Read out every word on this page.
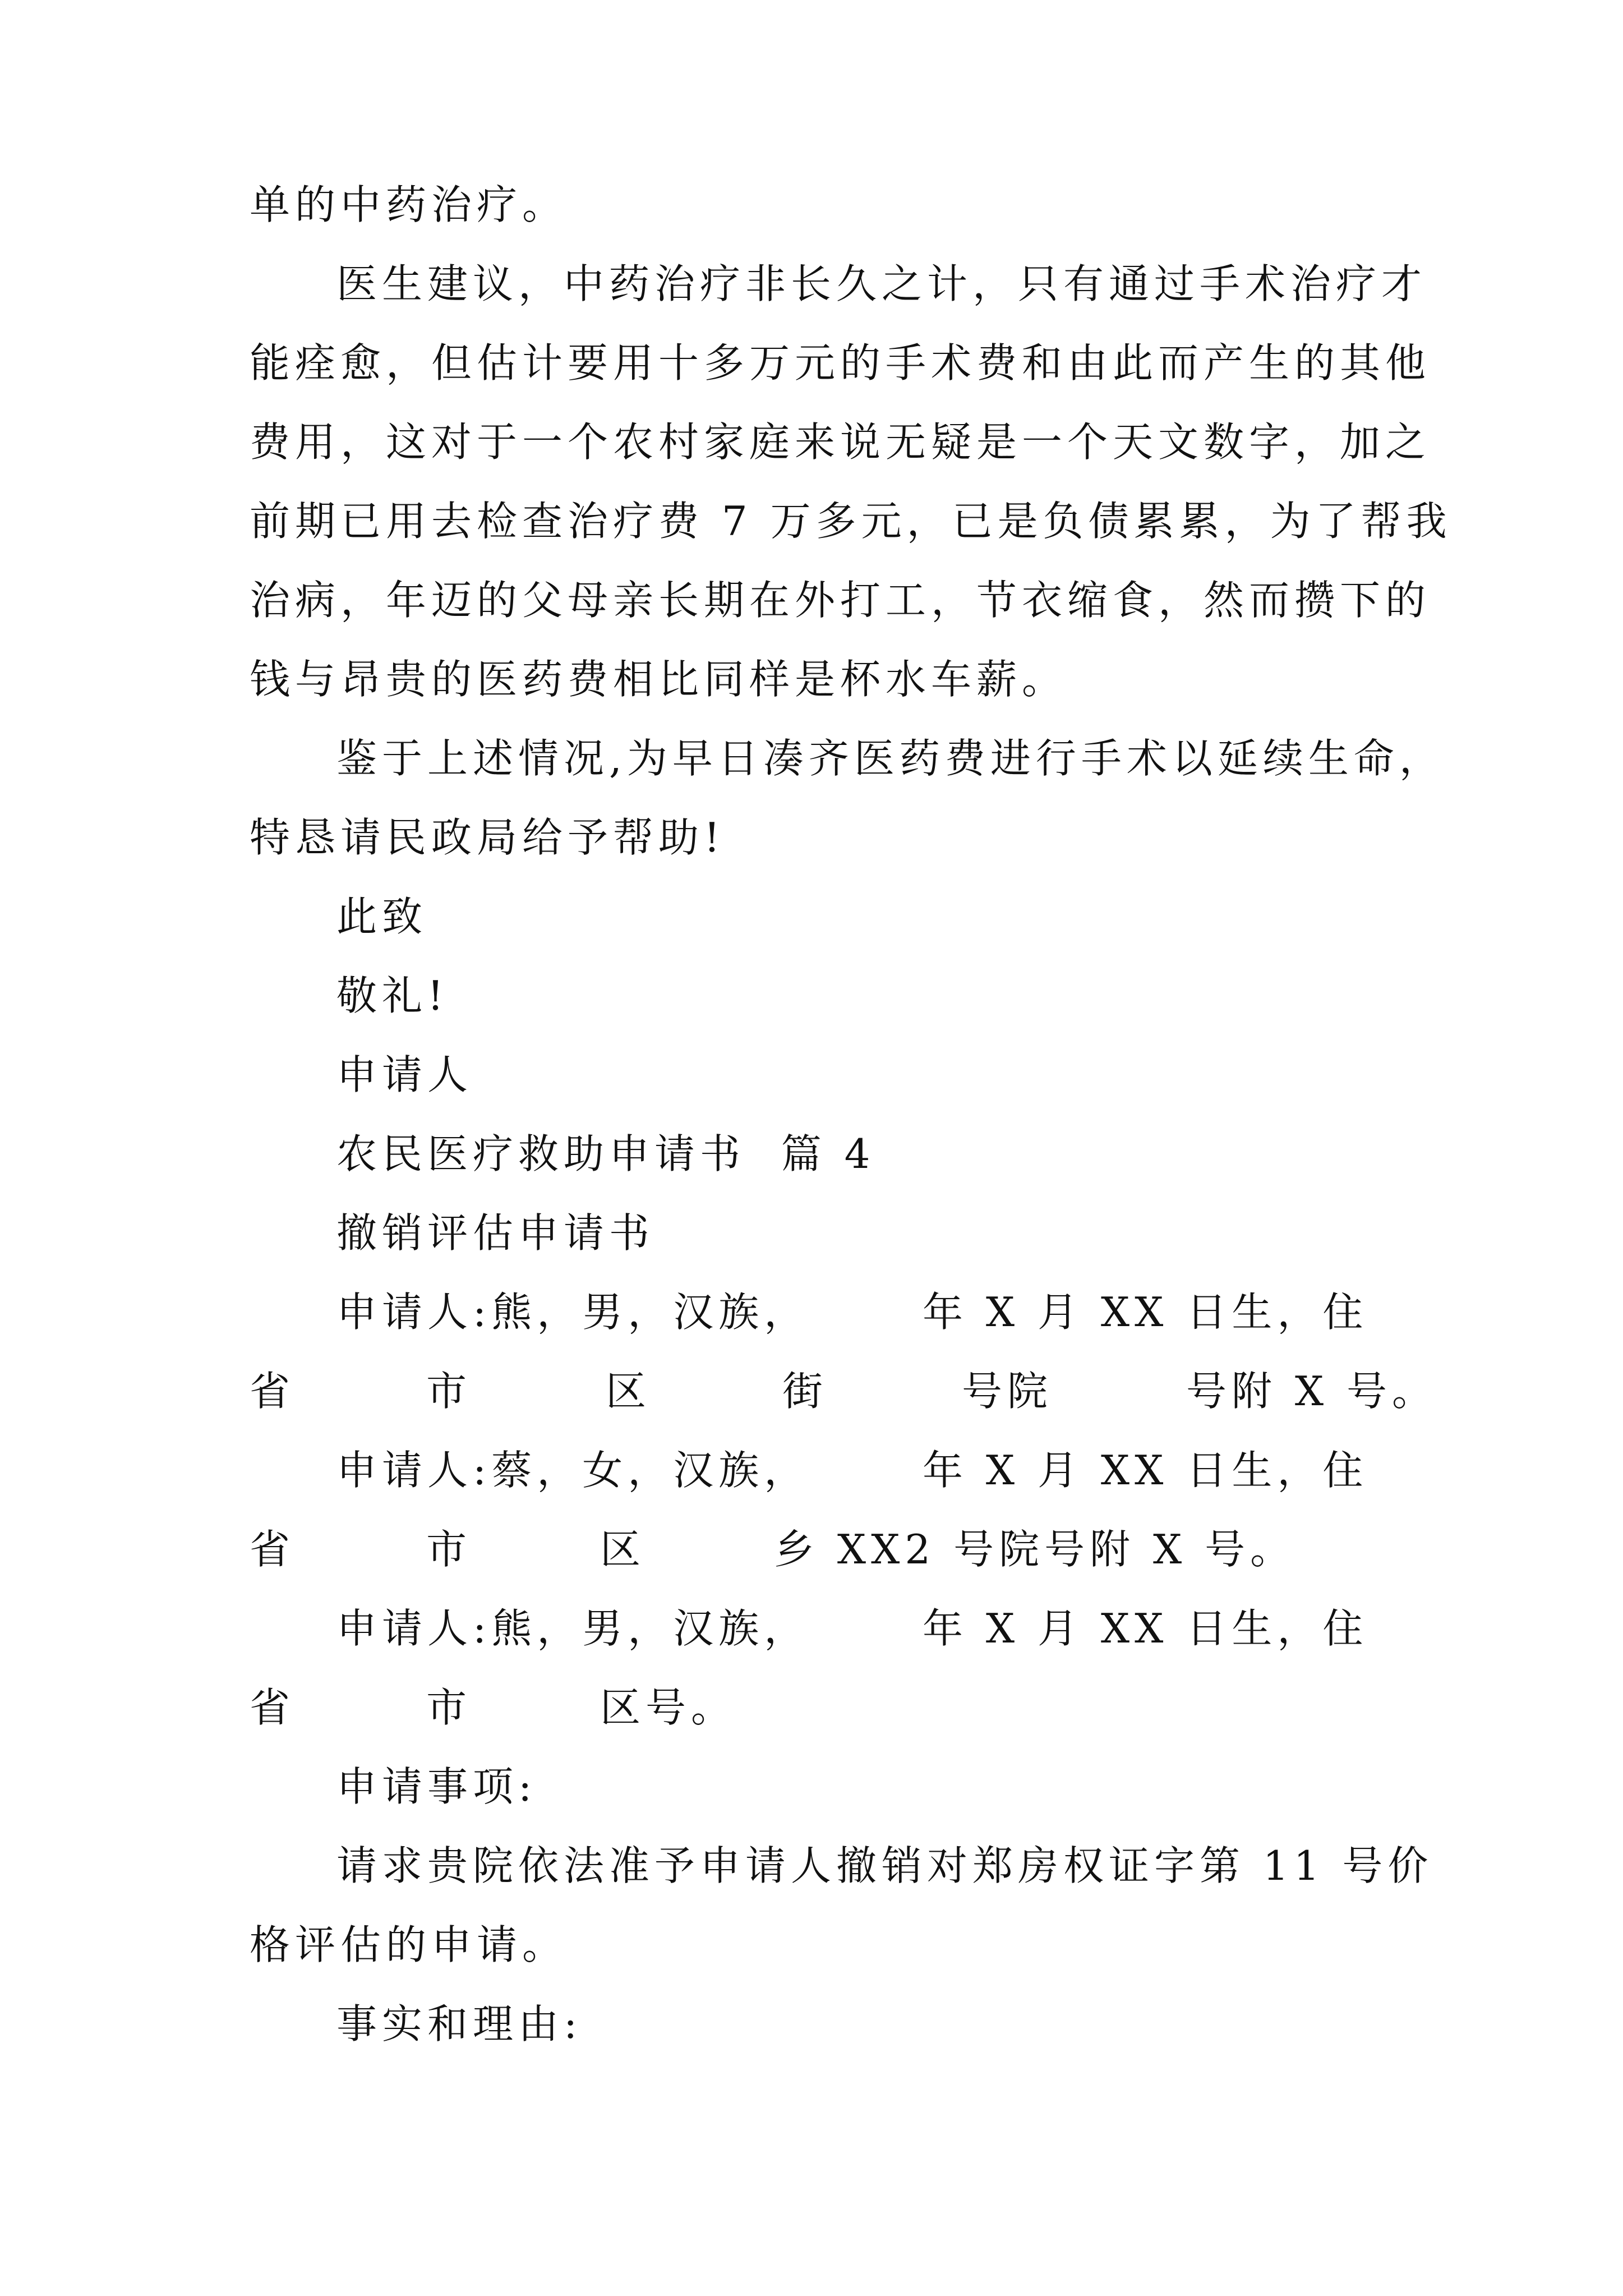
单的中药治疗。
医生建议，中药治疗非长久之计，只有通过手术治疗才
能痊愈，但估计要用十多万元的手术费和由此而产生的其他
费用，这对于一个农村家庭来说无疑是一个天文数字，加之
前期已用去检查治疗费 7 万多元，已是负债累累，为了帮我
治病，年迈的父母亲长期在外打工，节衣缩食，然而攒下的
钱与昂贵的医药费相比同样是杯水车薪。
鉴于上述情况,为早日凑齐医药费进行手术以延续生命，
特恳请民政局给予帮助!
此致
敬礼!
申请人
农民医疗救助申请书  篇 4
撤销评估申请书

申请人:熊，男，汉族，

	年 X 月 XX 日生，住

省

	市

	区

	街

	号院

	号附 X 号。

申请人:蔡，女，汉族，

	年 X 月 XX 日生，住

省

	市

	区

	乡 XX2 号院号附 X 号。

申请人:熊，男，汉族，

	年 X 月 XX 日生，住

省

	市

	区号。

申请事项:
请求贵院依法准予申请人撤销对郑房权证字第 11 号价
格评估的申请。
事实和理由:
